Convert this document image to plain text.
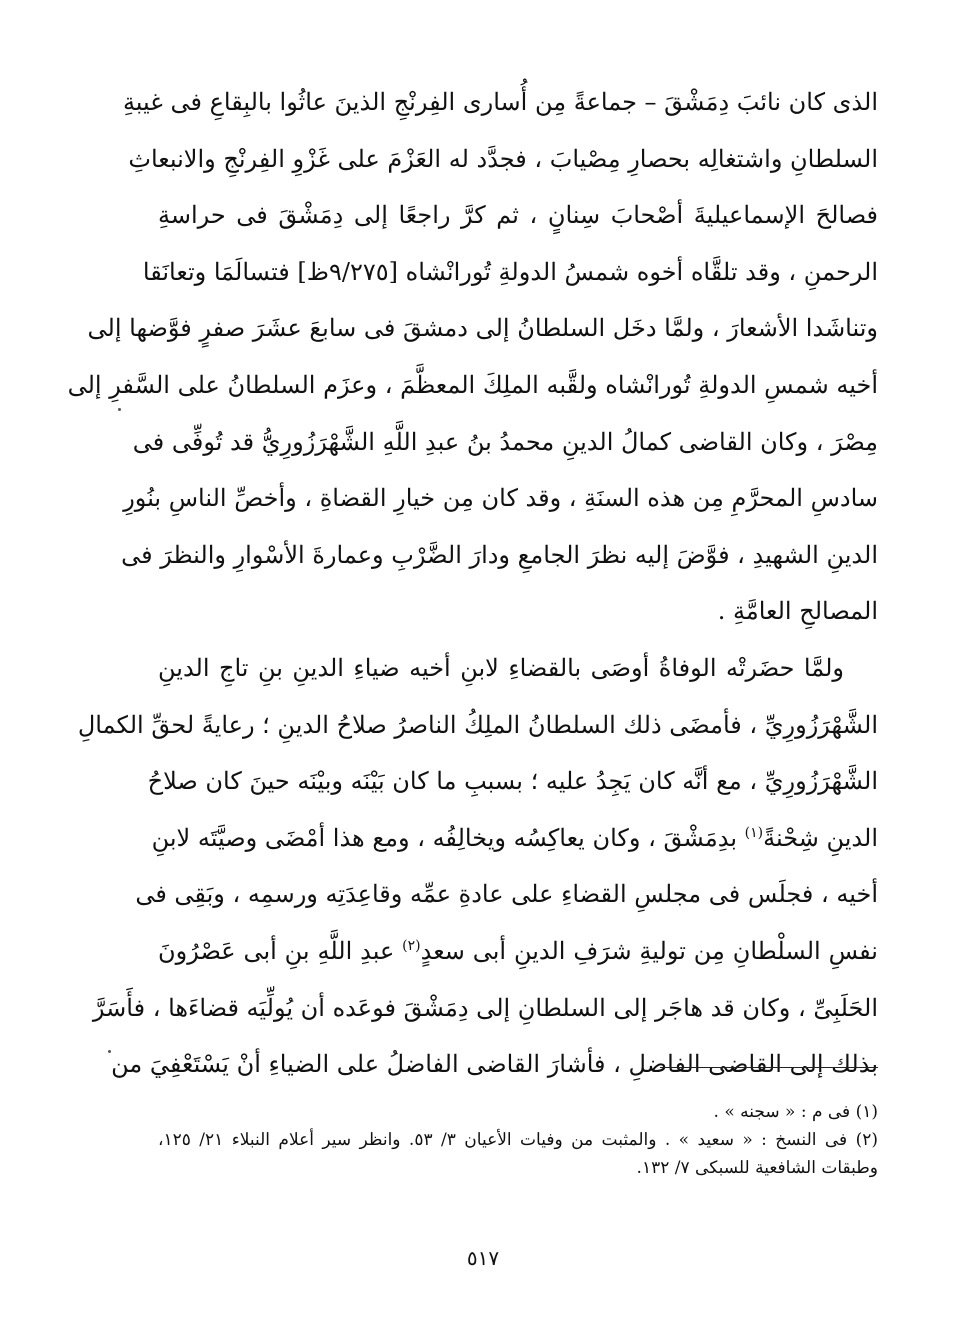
الذى كان نائبَ دِمَشْقَ – جماعةً مِن أُسارى الفِرنْجِ الذينَ عاثُوا بالبِقاعِ فى غيبةِ
السلطانِ واشتغالِه بحصارِ مِصْيابَ ، فجدَّد له العَزْمَ على غَزْوِ الفِرنْجِ والانبعاثِ
فصالحَ الإسماعيليةَ أصْحابَ سِنانٍ ، ثم كرَّ راجعًا إلى دِمَشْقَ فى حراسةِ
الرحمنِ ، وقد تلقَّاه أخوه شمسُ الدولةِ تُورانْشاه [٩/٢٧٥ظ] فتسالَمَا وتعانَقا
وتناشَدا الأشعارَ ، ولمَّا دخَل السلطانُ إلى دمشقَ فى سابعَ عشَرَ صفرٍ فوَّضها إلى
أخيه شمسِ الدولةِ تُورانْشاه ولقَّبه الملِكَ المعظَّمَ ، وعزَم السلطانُ على السَّفرِ إلى
مِصْرَ ، وكان القاضى كمالُ الدينِ محمدُ بنُ عبدِ اللَّهِ الشَّهْرَزُورِيُّ قد تُوفِّى فى
سادسِ المحرَّمِ مِن هذه السنَةِ ، وقد كان مِن خيارِ القضاةِ ، وأخصِّ الناسِ بنُورِ
الدينِ الشهيدِ ، فوَّضَ إليه نظرَ الجامعِ ودارَ الضَّرْبِ وعمارةَ الأسْوارِ والنظرَ فى
المصالحِ العامَّةِ .
ولمَّا حضَرتْه الوفاةُ أوصَى بالقضاءِ لابنِ أخيه ضياءِ الدينِ بنِ تاجِ الدينِ
الشَّهْرَزُورِيِّ ، فأمضَى ذلك السلطانُ الملِكُ الناصرُ صلاحُ الدينِ ؛ رعايةً لحقِّ الكمالِ
الشَّهْرَزُورِيِّ ، مع أنَّه كان يَجِدُ عليه ؛ بسببِ ما كان بَيْنَه وبيْنَه حينَ كان صلاحُ
الدينِ شِحْنةً$^{(١)}$ بدِمَشْقَ ، وكان يعاكِسُه ويخالِفُه ، ومع هذا أمْضَى وصيَّتَه لابنِ
أخيه ، فجلَس فى مجلسِ القضاءِ على عادةِ عمِّه وقاعِدَتِه ورسمِه ، وبَقِى فى
نفسِ السلْطانِ مِن توليةِ شرَفِ الدينِ أبى سعدٍ$^{(٢)}$ عبدِ اللَّهِ بنِ أبى عَصْرُونَ
الحَلَبِىِّ ، وكان قد هاجَر إلى السلطانِ إلى دِمَشْقَ فوعَده أن يُولِّيَه قضاءَها ، فأَسَرَّ
بذلك إلى القاضى الفاضلِ ، فأشارَ القاضى الفاضلُ على الضياءِ أنْ يَسْتَعْفِيَ من
(١) فى م : « سجنه » .
(٢) فى النسخ : « سعيد » . والمثبت من وفيات الأعيان ٣/ ٥٣. وانظر سير أعلام النبلاء ٢١/ ١٢٥،
وطبقات الشافعية للسبكى ٧/ ١٣٢.
٥١٧
